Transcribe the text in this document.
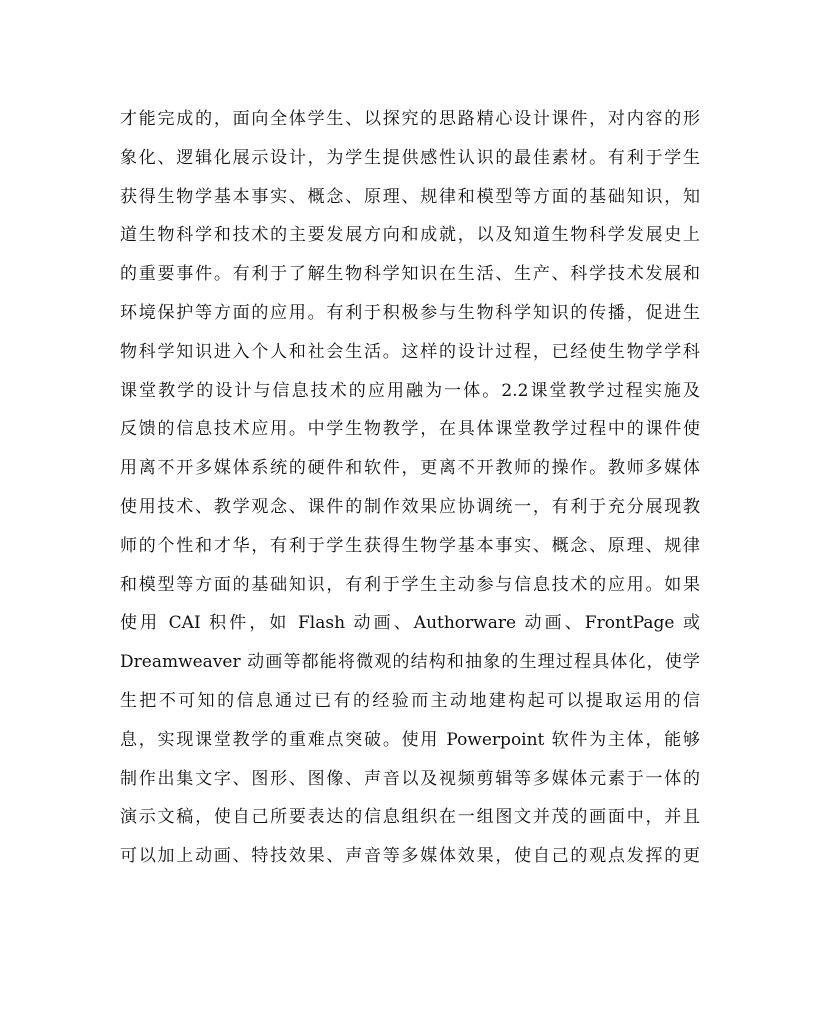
才能完成的，面向全体学生、以探究的思路精心设计课件，对内容的形
象化、逻辑化展示设计，为学生提供感性认识的最佳素材。有利于学生
获得生物学基本事实、概念、原理、规律和模型等方面的基础知识，知
道生物科学和技术的主要发展方向和成就，以及知道生物科学发展史上
的重要事件。有利于了解生物科学知识在生活、生产、科学技术发展和
环境保护等方面的应用。有利于积极参与生物科学知识的传播，促进生
物科学知识进入个人和社会生活。这样的设计过程，已经使生物学学科
课堂教学的设计与信息技术的应用融为一体。2.2课堂教学过程实施及
反馈的信息技术应用。中学生物教学，在具体课堂教学过程中的课件使
用离不开多媒体系统的硬件和软件，更离不开教师的操作。教师多媒体
使用技术、教学观念、课件的制作效果应协调统一，有利于充分展现教
师的个性和才华，有利于学生获得生物学基本事实、概念、原理、规律
和模型等方面的基础知识，有利于学生主动参与信息技术的应用。如果
使用 CAI 积件，如 Flash 动画、Authorware 动画、FrontPage 或
Dreamweaver 动画等都能将微观的结构和抽象的生理过程具体化，使学
生把不可知的信息通过已有的经验而主动地建构起可以提取运用的信
息，实现课堂教学的重难点突破。使用 Powerpoint 软件为主体，能够
制作出集文字、图形、图像、声音以及视频剪辑等多媒体元素于一体的
演示文稿，使自己所要表达的信息组织在一组图文并茂的画面中，并且
可以加上动画、特技效果、声音等多媒体效果，使自己的观点发挥的更
